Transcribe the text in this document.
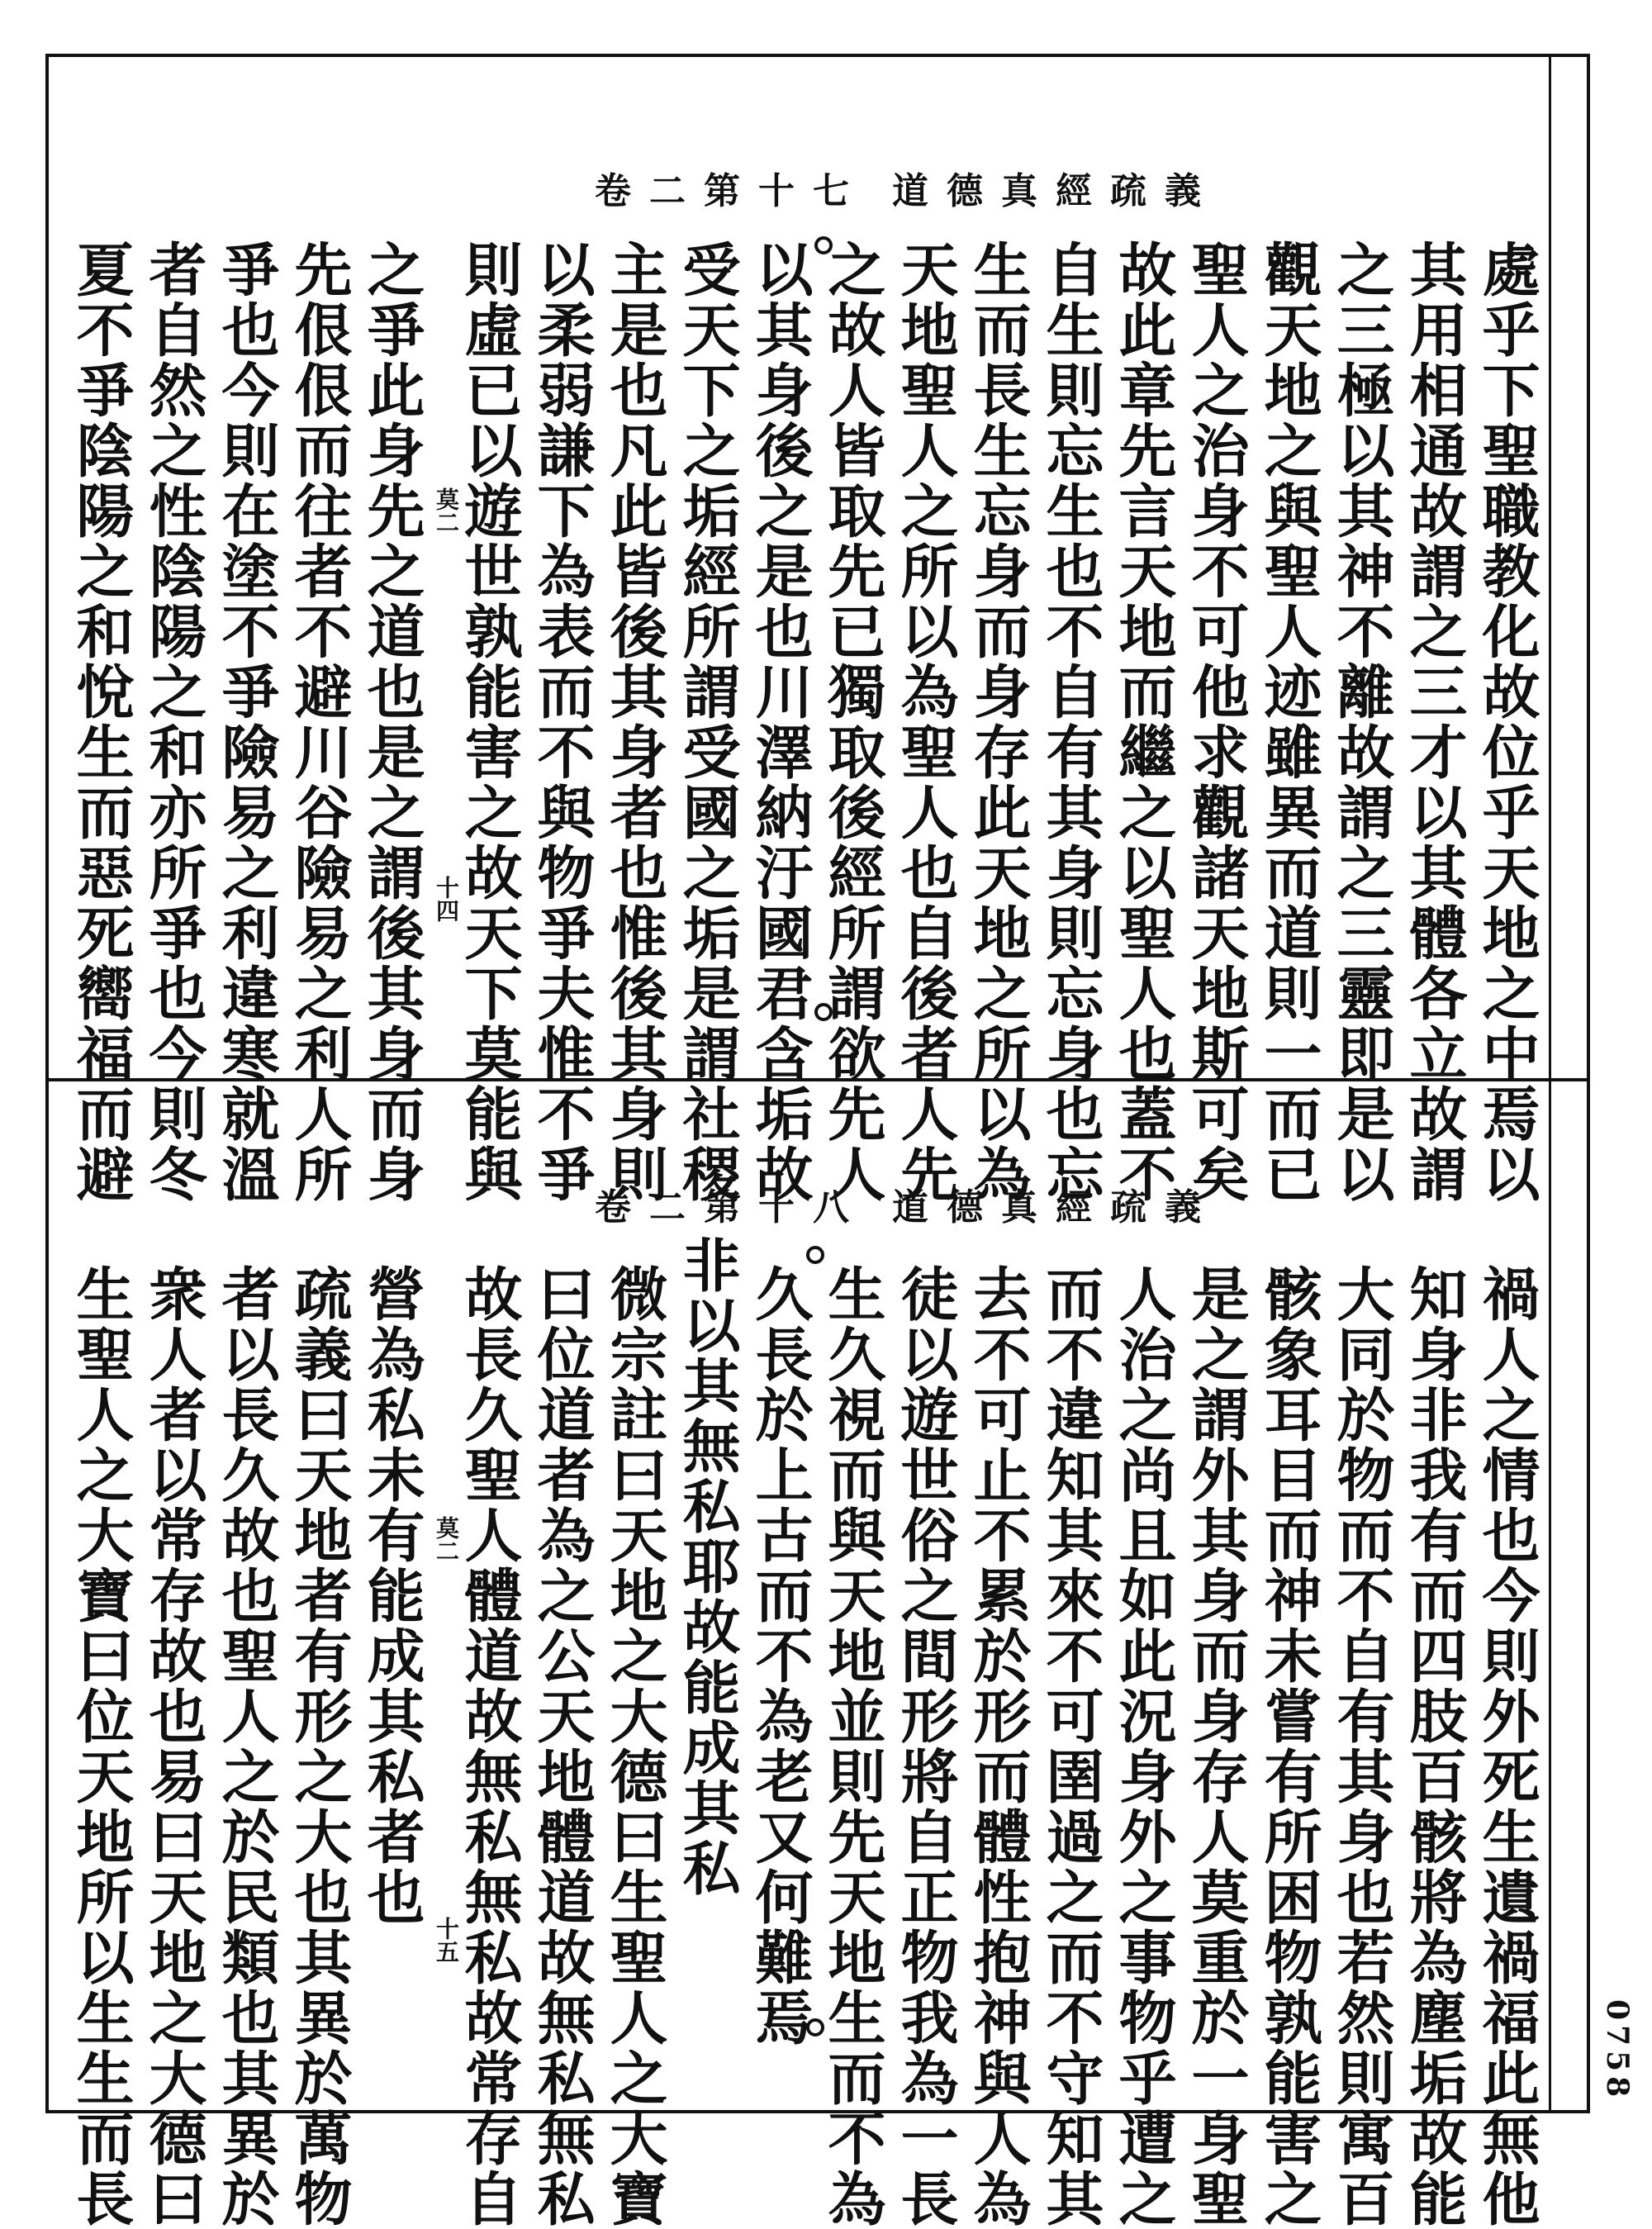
道德真經疏義
卷二第十七
道德真經疏義
卷二第十八
處乎下聖職教化故位乎天地之中焉以
其用相通故謂之三才以其體各立故謂
之三極以其神不離故謂之三靈即是以
觀天地之與聖人迹雖異而道則一而已
聖人之治身不可他求觀諸天地斯可矣
故此章先言天地而繼之以聖人也蓋不
自生則忘生也不自有其身則忘身也忘
生而長生忘身而身存此天地之所以為
天地聖人之所以為聖人也自後者人先
之故人皆取先已獨取後經所謂欲先人
以其身後之是也川澤納汙國君含垢故
受天下之垢經所謂受國之垢是謂社稷
主是也凡此皆後其身者也惟後其身則
以柔弱謙下為表而不與物爭夫惟不爭
則虛已以遊世孰能害之故天下莫能與
之爭此身先之道也是之謂後其身而身
先佷佷而往者不避川谷險易之利人所
爭也今則在塗不爭險易之利違寒就溫
者自然之性陰陽之和亦所爭也今則冬
夏不爭陰陽之和悅生而惡死嚮福而避	莫二
十四
禍人之情也今則外死生遺禍福此無他
知身非我有而四肢百骸將為塵垢故能
大同於物而不自有其身也若然則寓百
骸象耳目而神未嘗有所困物孰能害之
是之謂外其身而身存人莫重於一身聖
人治之尚且如此況身外之事物乎遭之
而不違知其來不可圉過之而不守知其
去不可止不累於形而體性抱神與人為
徒以遊世俗之間形將自正物我為一長
生久視而與天地並則先天地生而不為
久長於上古而不為老又何難焉
非以其無私耶故能成其私
微宗註曰天地之大德曰生聖人之大寶
曰位道者為之公天地體道故無私無私
故長久聖人體道故無私無私故常存自
營為私未有能成其私者也
疏義曰天地者有形之大也其異於萬物
者以長久故也聖人之於民類也其異於
衆人者以常存故也易曰天地之大德曰
生聖人之大寶曰位天地所以生生而長	莫二
十五
0758
